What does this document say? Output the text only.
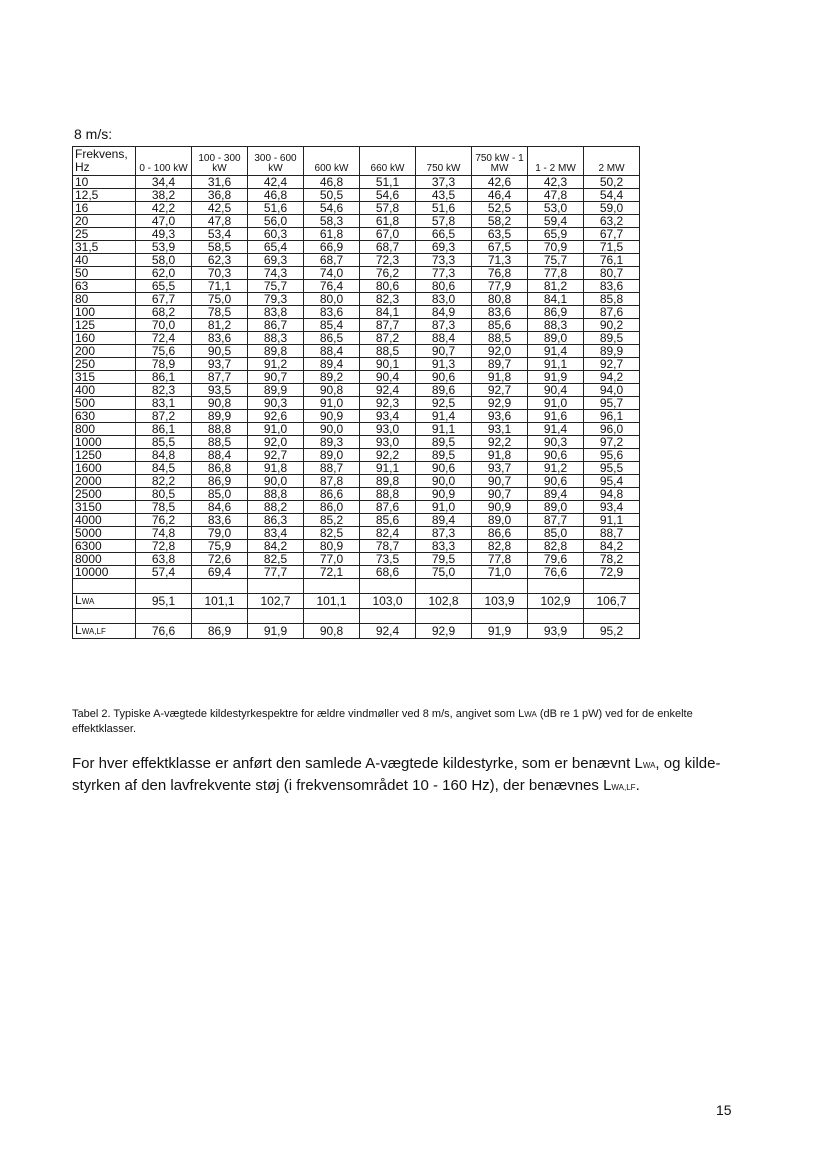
8 m/s:
Frekvens, Hz	0 - 100 kW	100 - 300 kW	300 - 600 kW	600 kW	660 kW	750 kW	750 kW - 1 MW	1 - 2 MW	2 MW
10	34,4	31,6	42,4	46,8	51,1	37,3	42,6	42,3	50,2
12,5	38,2	36,8	46,8	50,5	54,6	43,5	46,4	47,8	54,4
16	42,2	42,5	51,6	54,6	57,8	51,6	52,5	53,0	59,0
20	47,0	47,8	56,0	58,3	61,8	57,8	58,2	59,4	63,2
25	49,3	53,4	60,3	61,8	67,0	66,5	63,5	65,9	67,7
31,5	53,9	58,5	65,4	66,9	68,7	69,3	67,5	70,9	71,5
40	58,0	62,3	69,3	68,7	72,3	73,3	71,3	75,7	76,1
50	62,0	70,3	74,3	74,0	76,2	77,3	76,8	77,8	80,7
63	65,5	71,1	75,7	76,4	80,6	80,6	77,9	81,2	83,6
80	67,7	75,0	79,3	80,0	82,3	83,0	80,8	84,1	85,8
100	68,2	78,5	83,8	83,6	84,1	84,9	83,6	86,9	87,6
125	70,0	81,2	86,7	85,4	87,7	87,3	85,6	88,3	90,2
160	72,4	83,6	88,3	86,5	87,2	88,4	88,5	89,0	89,5
200	75,6	90,5	89,8	88,4	88,5	90,7	92,0	91,4	89,9
250	78,9	93,7	91,2	89,4	90,1	91,3	89,7	91,1	92,7
315	86,1	87,7	90,7	89,2	90,4	90,6	91,8	91,9	94,2
400	82,3	93,5	89,9	90,8	92,4	89,6	92,7	90,4	94,0
500	83,1	90,8	90,3	91,0	92,3	92,5	92,9	91,0	95,7
630	87,2	89,9	92,6	90,9	93,4	91,4	93,6	91,6	96,1
800	86,1	88,8	91,0	90,0	93,0	91,1	93,1	91,4	96,0
1000	85,5	88,5	92,0	89,3	93,0	89,5	92,2	90,3	97,2
1250	84,8	88,4	92,7	89,0	92,2	89,5	91,8	90,6	95,6
1600	84,5	86,8	91,8	88,7	91,1	90,6	93,7	91,2	95,5
2000	82,2	86,9	90,0	87,8	89,8	90,0	90,7	90,6	95,4
2500	80,5	85,0	88,8	86,6	88,8	90,9	90,7	89,4	94,8
3150	78,5	84,6	88,2	86,0	87,6	91,0	90,9	89,0	93,4
4000	76,2	83,6	86,3	85,2	85,6	89,4	89,0	87,7	91,1
5000	74,8	79,0	83,4	82,5	82,4	87,3	86,6	85,0	88,7
6300	72,8	75,9	84,2	80,9	78,7	83,3	82,8	82,8	84,2
8000	63,8	72,6	82,5	77,0	73,5	79,5	77,8	79,6	78,2
10000	57,4	69,4	77,7	72,1	68,6	75,0	71,0	76,6	72,9

LWA	95,1	101,1	102,7	101,1	103,0	102,8	103,9	102,9	106,7

LWA,LF	76,6	86,9	91,9	90,8	92,4	92,9	91,9	93,9	95,2
Tabel 2. Typiske A-vægtede kildestyrkespektre for ældre vindmøller ved 8 m/s, angivet som LWA (dB re 1 pW) ved for de enkelte effektklasser.
For hver effektklasse er anført den samlede A-vægtede kildestyrke, som er benævnt LWA, og kilde-styrken af den lavfrekvente støj (i frekvensområdet 10 - 160 Hz), der benævnes LWA,LF.
15
